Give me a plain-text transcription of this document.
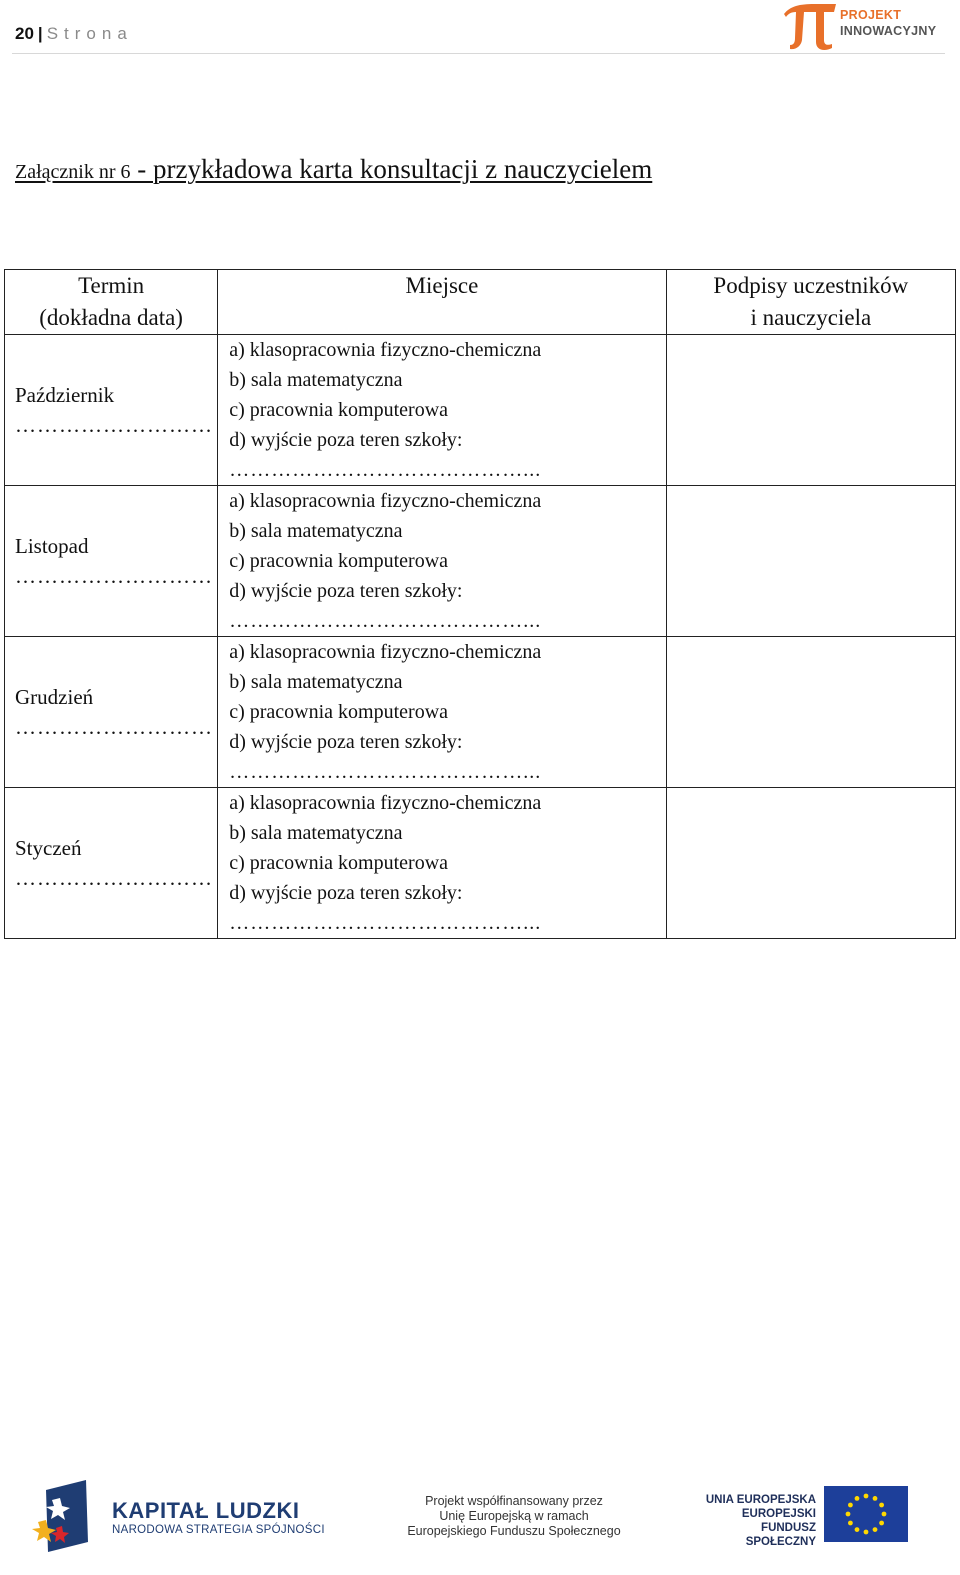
20 | Strona
PROJEKT
INNOWACYJNY
Załącznik nr 6 - przykładowa karta konsultacji z nauczycielem
Termin
(dokładna data)	Miejsce	Podpisy uczestników
i nauczyciela

Październik
………………………	a) klasopracownia fizyczno-chemiczna
b) sala matematyczna
c) pracownia komputerowa
d) wyjście poza teren szkoły:
……………………………………...	

Listopad
………………………	a) klasopracownia fizyczno-chemiczna
b) sala matematyczna
c) pracownia komputerowa
d) wyjście poza teren szkoły:
……………………………………...	

Grudzień
………………………	a) klasopracownia fizyczno-chemiczna
b) sala matematyczna
c) pracownia komputerowa
d) wyjście poza teren szkoły:
……………………………………...	

Styczeń
………………………	a) klasopracownia fizyczno-chemiczna
b) sala matematyczna
c) pracownia komputerowa
d) wyjście poza teren szkoły:
……………………………………...	

KAPITAŁ LUDZKI
NARODOWA STRATEGIA SPÓJNOŚCI
Projekt współfinansowany przez
Unię Europejską w ramach
Europejskiego Funduszu Społecznego
UNIA EUROPEJSKA
EUROPEJSKI
FUNDUSZ SPOŁECZNY
